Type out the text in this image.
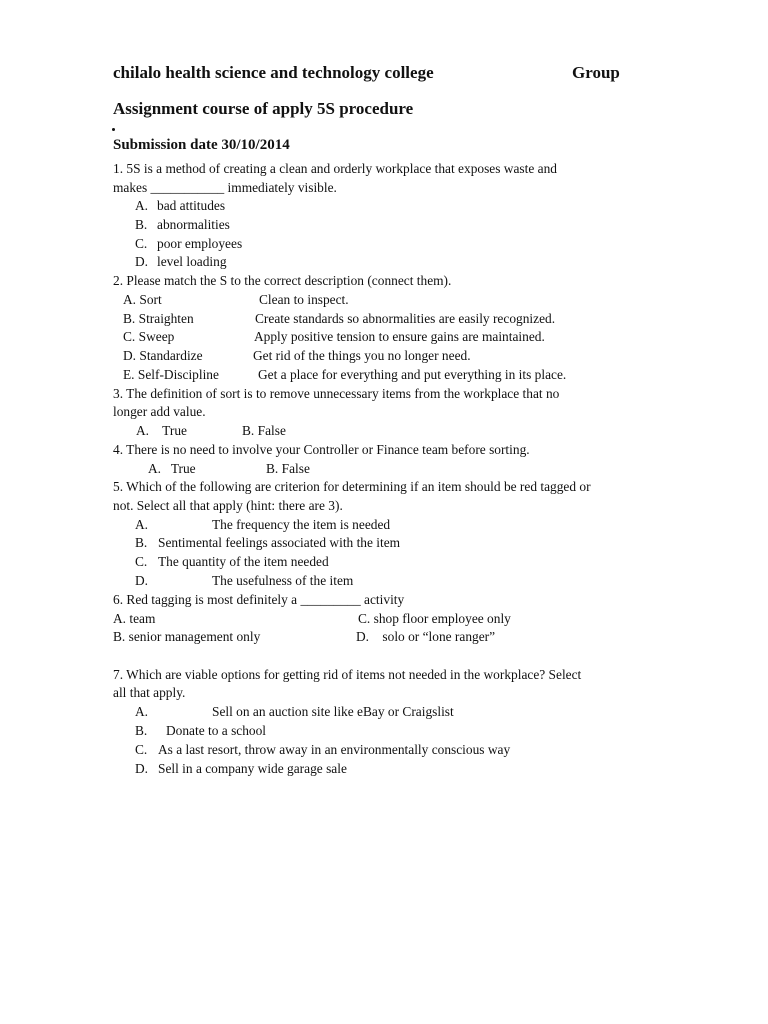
chilalo health science and technology college	Group
Assignment course of apply 5S procedure
Submission date 30/10/2014
1. 5S is a method of creating a clean and orderly workplace that exposes waste and
makes ___________ immediately visible.
A. bad attitudes
B. abnormalities
C. poor employees
D. level loading
2. Please match the S to the correct description (connect them).
A. Sort	Clean to inspect.
B. Straighten	Create standards so abnormalities are easily recognized.
C. Sweep	Apply positive tension to ensure gains are maintained.
D. Standardize	Get rid of the things you no longer need.
E. Self-Discipline	Get a place for everything and put everything in its place.
3. The definition of sort is to remove unnecessary items from the workplace that no
longer add value.
A.    True	B. False
4. There is no need to involve your Controller or Finance team before sorting.
A.   True	B. False
5. Which of the following are criterion for determining if an item should be red tagged or
not. Select all that apply (hint: there are 3).
A.	The frequency the item is needed
B. Sentimental feelings associated with the item
C. The quantity of the item needed
D.	The usefulness of the item
6. Red tagging is most definitely a _________ activity
A. team	C. shop floor employee only
B. senior management only	D.    solo or “lone ranger”
7. Which are viable options for getting rid of items not needed in the workplace? Select
all that apply.
A.	Sell on an auction site like eBay or Craigslist
B. Donate to a school
C. As a last resort, throw away in an environmentally conscious way
D. Sell in a company wide garage sale
